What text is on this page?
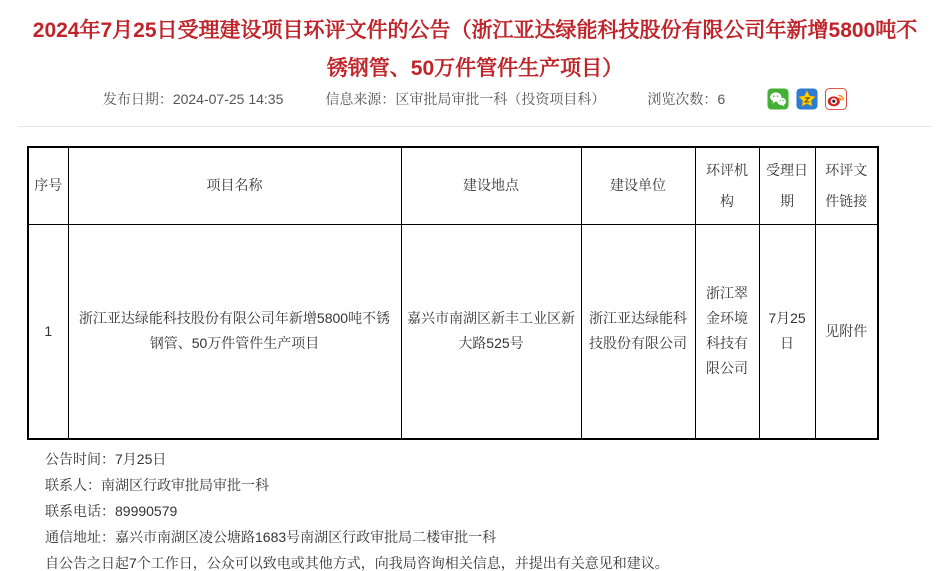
2024年7月25日受理建设项目环评文件的公告（浙江亚达绿能科技股份有限公司年新增5800吨不
锈钢管、50万件管件生产项目）
发布日期：2024-07-25 14:35	信息来源：区审批局审批一科（投资项目科）	浏览次数：6
序号	项目名称	建设地点	建设单位	环评机构	受理日期	环评文件链接
1	浙江亚达绿能科技股份有限公司年新增5800吨不锈钢管、50万件管件生产项目	嘉兴市南湖区新丰工业区新大路525号	浙江亚达绿能科技股份有限公司	浙江翠金环境科技有限公司	7月25日	见附件
公告时间：7月25日
联系人：南湖区行政审批局审批一科
联系电话：89990579
通信地址：嘉兴市南湖区凌公塘路1683号南湖区行政审批局二楼审批一科
自公告之日起7个工作日，公众可以致电或其他方式，向我局咨询相关信息，并提出有关意见和建议。
